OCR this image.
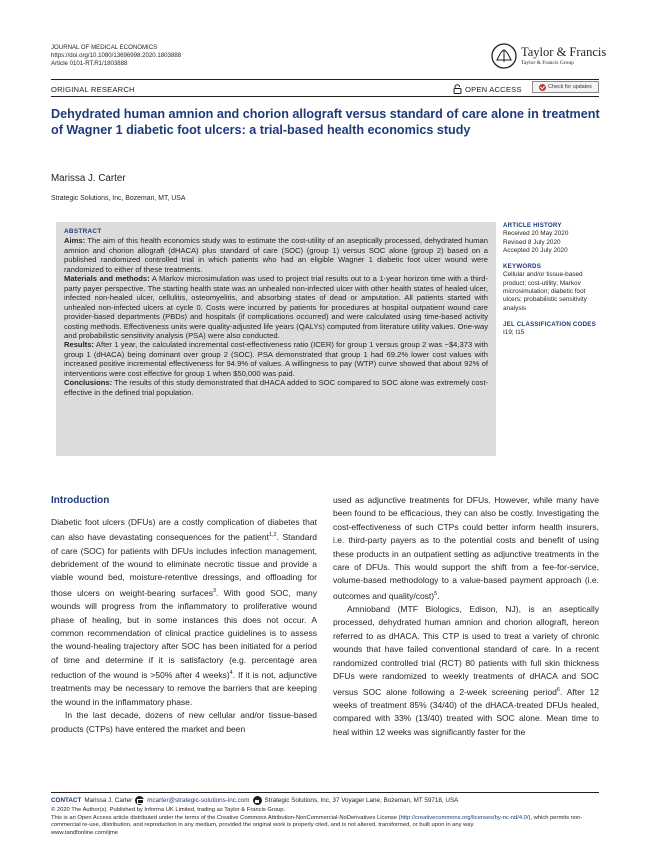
JOURNAL OF MEDICAL ECONOMICS
https://doi.org/10.1080/13696998.2020.1803888
Article 0101-RT.R1/1803888
Taylor & Francis
Taylor & Francis Group
ORIGINAL RESEARCH	OPEN ACCESS	Check for updates
Dehydrated human amnion and chorion allograft versus standard of care alone in treatment of Wagner 1 diabetic foot ulcers: a trial-based health economics study
Marissa J. Carter
Strategic Solutions, Inc, Bozeman, MT, USA
ABSTRACT
Aims: The aim of this health economics study was to estimate the cost-utility of an aseptically processed, dehydrated human amnion and chorion allograft (dHACA) plus standard of care (SOC) (group 1) versus SOC alone (group 2) based on a published randomized controlled trial in which patients who had an eligible Wagner 1 diabetic foot ulcer wound were randomized to either of these treatments.
Materials and methods: A Markov microsimulation was used to project trial results out to a 1-year horizon time with a third-party payer perspective. The starting health state was an unhealed non-infected ulcer with other health states of healed ulcer, infected non-healed ulcer, cellulitis, osteomyelitis, and absorbing states of dead or amputation. All patients started with unhealed non-infected ulcers at cycle 0. Costs were incurred by patients for procedures at hospital outpatient wound care provider-based departments (PBDs) and hospitals (if complications occurred) and were calculated using time-based activity costing methods. Effectiveness units were quality-adjusted life years (QALYs) computed from literature utility values. One-way and probabilistic sensitivity analysis (PSA) were also conducted.
Results: After 1 year, the calculated incremental cost-effectiveness ratio (ICER) for group 1 versus group 2 was −$4,373 with group 1 (dHACA) being dominant over group 2 (SOC). PSA demonstrated that group 1 had 69.2% lower cost values with increased positive incremental effectiveness for 94.9% of values. A willingness to pay (WTP) curve showed that about 92% of interventions were cost effective for group 1 when $50,000 was paid.
Conclusions: The results of this study demonstrated that dHACA added to SOC compared to SOC alone was extremely cost-effective in the defined trial population.
ARTICLE HISTORY
Received 20 May 2020
Revised 8 July 2020
Accepted 20 July 2020
KEYWORDS
Cellular and/or tissue-based product; cost-utility; Markov microsimulation; diabetic foot ulcers; probabilistic sensitivity analysis
JEL CLASSIFICATION CODES
I19; I15
Introduction

Diabetic foot ulcers (DFUs) are a costly complication of diabetes that can also have devastating consequences for the patient$^{1,2}$. Standard of care (SOC) for patients with DFUs includes infection management, debridement of the wound to eliminate necrotic tissue and provide a viable wound bed, moisture-retentive dressings, and offloading for those ulcers on weight-bearing surfaces$^3$. With good SOC, many wounds will progress from the inflammatory to proliferative wound phase of healing, but in some instances this does not occur. A common recommendation of clinical practice guidelines is to assess the wound-healing trajectory after SOC has been initiated for a period of time and determine if it is satisfactory (e.g. percentage area reduction of the wound is >50% after 4 weeks)$^4$. If it is not, adjunctive treatments may be necessary to remove the barriers that are keeping the wound in the inflammatory phase.

In the last decade, dozens of new cellular and/or tissue-based products (CTPs) have entered the market and been

used as adjunctive treatments for DFUs. However, while many have been found to be efficacious, they can also be costly. Investigating the cost-effectiveness of such CTPs could better inform health insurers, i.e. third-party payers as to the potential costs and benefit of using these products in an outpatient setting as adjunctive treatments in the care of DFUs. This would support the shift from a fee-for-service, volume-based methodology to a value-based payment approach (i.e. outcomes and quality/cost)$^5$.

Amnioband (MTF Biologics, Edison, NJ), is an aseptically processed, dehydrated human amnion and chorion allograft, hereon referred to as dHACA. This CTP is used to treat a variety of chronic wounds that have failed conventional standard of care. In a recent randomized controlled trial (RCT) 80 patients with full skin thickness DFUs were randomized to weekly treatments of dHACA and SOC versus SOC alone following a 2-week screening period$^6$. After 12 weeks of treatment 85% (34/40) of the dHACA-treated DFUs healed, compared with 33% (13/40) treated with SOC alone. Mean time to heal within 12 weeks was significantly faster for the

CONTACT Marissa J. Carter mcarter@strategic-solutions-inc.com Strategic Solutions, Inc, 37 Voyager Lane, Bozeman, MT 59718, USA
© 2020 The Author(s). Published by Informa UK Limited, trading as Taylor & Francis Group.
This is an Open Access article distributed under the terms of the Creative Commons Attribution-NonCommercial-NoDerivatives License (http://creativecommons.org/licenses/by-nc-nd/4.0/), which permits non-commercial re-use, distribution, and reproduction in any medium, provided the original work is properly cited, and is not altered, transformed, or built upon in any way.
www.tandfonline.com/ijme
